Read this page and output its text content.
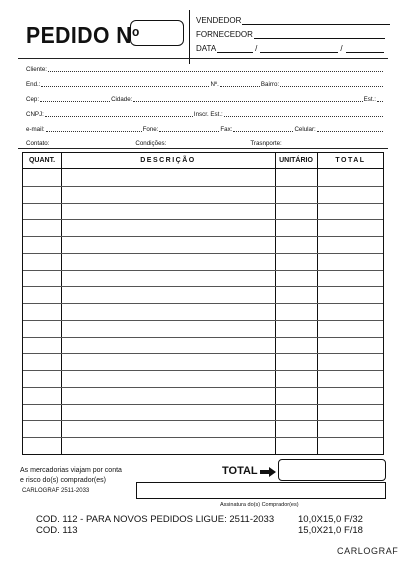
PEDIDO $N^o$
VENDEDOR
FORNECEDOR
DATA	/	/
Cliente:
End.:	Nº.	Bairro:
Cep:	Cidade:	Est.:
CNPJ:	Inscr. Est.:
e-mail:	Fone:	Fax:	Celular:
Contato:	Condições:	Trasnporte:
QUANT.	DESCRIÇÃO	UNITÁRIO	TOTAL
As mercadorias viajam por conta
e risco do(s) comprador(es)
TOTAL
CARLOGRAF 2511-2033
Assinatura do(s) Comprador(es)
COD. 112 - PARA NOVOS PEDIDOS LIGUE: 2511-2033	10,0X15,0 F/32
COD. 113	15,0X21,0 F/18
CARLOGRAF
